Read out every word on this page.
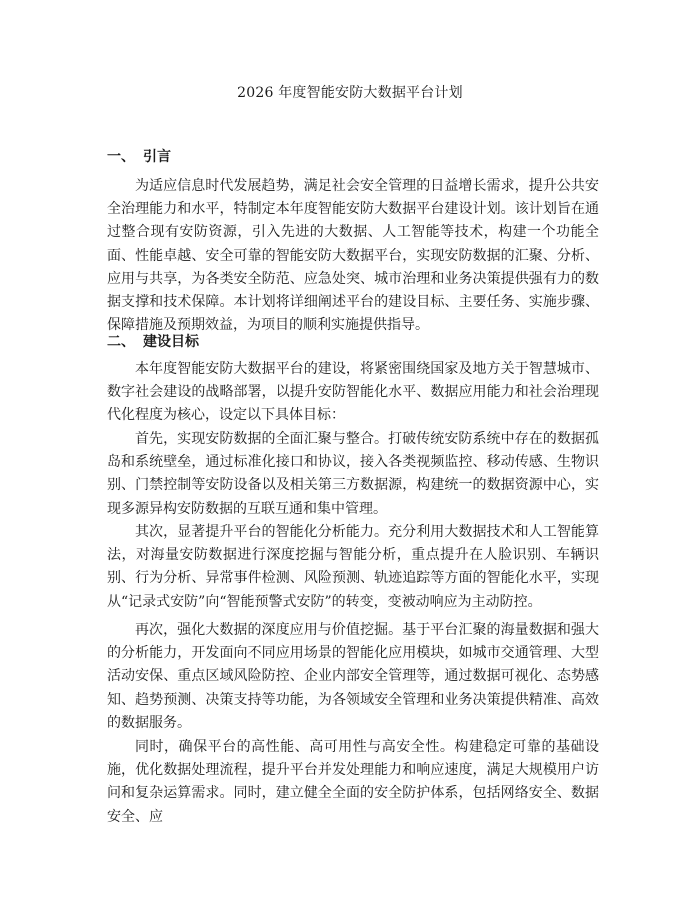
2026 年度智能安防大数据平台计划
一、 引言

为适应信息时代发展趋势，满足社会安全管理的日益增长需求，提升公共安全治理能力和水平，特制定本年度智能安防大数据平台建设计划。该计划旨在通过整合现有安防资源，引入先进的大数据、人工智能等技术，构建一个功能全面、性能卓越、安全可靠的智能安防大数据平台，实现安防数据的汇聚、分析、应用与共享，为各类安全防范、应急处突、城市治理和业务决策提供强有力的数据支撑和技术保障。本计划将详细阐述平台的建设目标、主要任务、实施步骤、保障措施及预期效益，为项目的顺利实施提供指导。

二、 建设目标

本年度智能安防大数据平台的建设，将紧密围绕国家及地方关于智慧城市、数字社会建设的战略部署，以提升安防智能化水平、数据应用能力和社会治理现代化程度为核心，设定以下具体目标：

首先，实现安防数据的全面汇聚与整合。打破传统安防系统中存在的数据孤岛和系统壁垒，通过标准化接口和协议，接入各类视频监控、移动传感、生物识别、门禁控制等安防设备以及相关第三方数据源，构建统一的数据资源中心，实现多源异构安防数据的互联互通和集中管理。

其次，显著提升平台的智能化分析能力。充分利用大数据技术和人工智能算法，对海量安防数据进行深度挖掘与智能分析，重点提升在人脸识别、车辆识别、行为分析、异常事件检测、风险预测、轨迹追踪等方面的智能化水平，实现从“记录式安防”向“智能预警式安防”的转变，变被动响应为主动防控。

再次，强化大数据的深度应用与价值挖掘。基于平台汇聚的海量数据和强大的分析能力，开发面向不同应用场景的智能化应用模块，如城市交通管理、大型活动安保、重点区域风险防控、企业内部安全管理等，通过数据可视化、态势感知、趋势预测、决策支持等功能，为各领域安全管理和业务决策提供精准、高效的数据服务。

同时，确保平台的高性能、高可用性与高安全性。构建稳定可靠的基础设施，优化数据处理流程，提升平台并发处理能力和响应速度，满足大规模用户访问和复杂运算需求。同时，建立健全全面的安全防护体系，包括网络安全、数据安全、应
